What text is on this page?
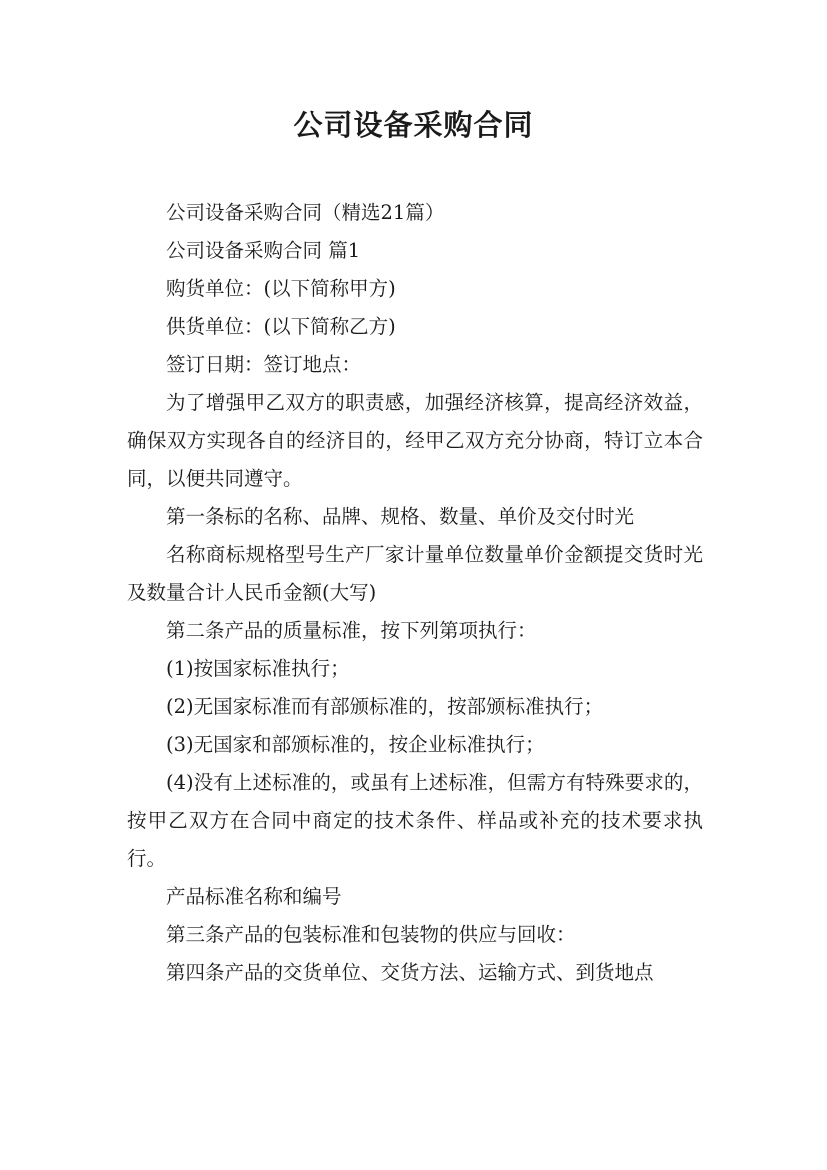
公司设备采购合同

公司设备采购合同（精选21篇）

公司设备采购合同 篇1

购货单位：(以下简称甲方)

供货单位：(以下简称乙方)

签订日期：签订地点：

为了增强甲乙双方的职责感，加强经济核算，提高经济效益，确保双方实现各自的经济目的，经甲乙双方充分协商，特订立本合同，以便共同遵守。

第一条标的名称、品牌、规格、数量、单价及交付时光

名称商标规格型号生产厂家计量单位数量单价金额提交货时光及数量合计人民币金额(大写)

第二条产品的质量标准，按下列第项执行：

(1)按国家标准执行；

(2)无国家标准而有部颁标准的，按部颁标准执行；

(3)无国家和部颁标准的，按企业标准执行；

(4)没有上述标准的，或虽有上述标准，但需方有特殊要求的，按甲乙双方在合同中商定的技术条件、样品或补充的技术要求执行。

产品标准名称和编号

第三条产品的包装标准和包装物的供应与回收：

第四条产品的交货单位、交货方法、运输方式、到货地点
